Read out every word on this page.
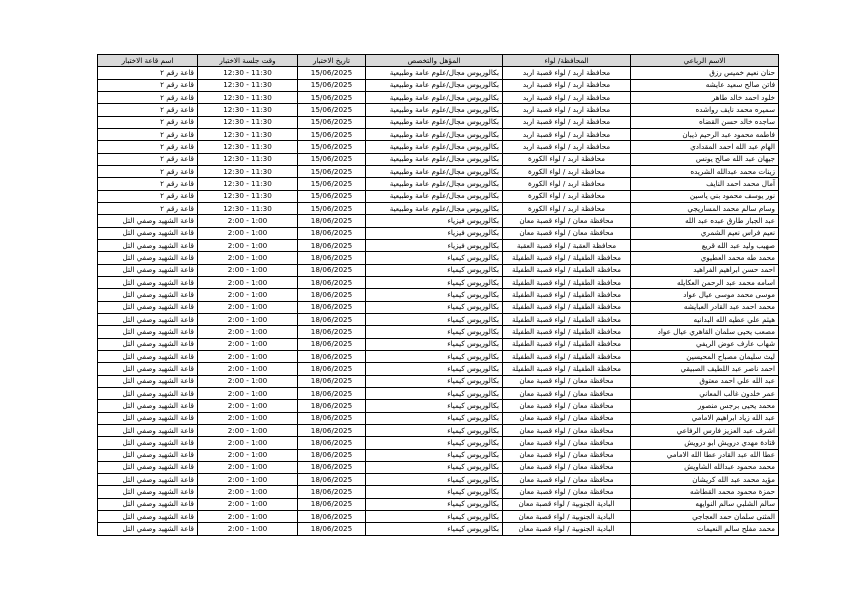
الاسم الرباعي	المحافظة/ لواء	المؤهل والتخصص	تاريخ الاختبار	وقت جلسة الاختبار	اسم قاعة الاختبار
حنان نعيم خميس رزق	محافظة اربد / لواء قصبة اربد	بكالوريوس مجال/علوم عامة وطبيعية	15/06/2025	11:30 - 12:30	قاعة رقم ٢
فاتن صالح سعيد عايشه	محافظة اربد / لواء قصبة اربد	بكالوريوس مجال/علوم عامة وطبيعية	15/06/2025	11:30 - 12:30	قاعة رقم ٢
خلود احمد خالد طاهر	محافظة اربد / لواء قصبة اربد	بكالوريوس مجال/علوم عامة وطبيعية	15/06/2025	11:30 - 12:30	قاعة رقم ٢
سميره محمد نايف رواشده	محافظة اربد / لواء قصبة اربد	بكالوريوس مجال/علوم عامة وطبيعية	15/06/2025	11:30 - 12:30	قاعة رقم ٢
ساجده خالد حسن القضاه	محافظة اربد / لواء قصبة اربد	بكالوريوس مجال/علوم عامة وطبيعية	15/06/2025	11:30 - 12:30	قاعة رقم ٢
فاطمه محمود عبد الرحيم ذيبان	محافظة اربد / لواء قصبة اربد	بكالوريوس مجال/علوم عامة وطبيعية	15/06/2025	11:30 - 12:30	قاعة رقم ٢
الهام عبد الله احمد المقدادي	محافظة اربد / لواء قصبة اربد	بكالوريوس مجال/علوم عامة وطبيعية	15/06/2025	11:30 - 12:30	قاعة رقم ٢
جيهان عبد الله صالح يونس	محافظة اربد / لواء الكورة	بكالوريوس مجال/علوم عامة وطبيعية	15/06/2025	11:30 - 12:30	قاعة رقم ٢
زينات محمد عبدالله الشريده	محافظة اربد / لواء الكورة	بكالوريوس مجال/علوم عامة وطبيعية	15/06/2025	11:30 - 12:30	قاعة رقم ٢
آمال محمد احمد النايف	محافظة اربد / لواء الكورة	بكالوريوس مجال/علوم عامة وطبيعية	15/06/2025	11:30 - 12:30	قاعة رقم ٢
نور يوسف محمود بني ياسين	محافظة اربد / لواء الكورة	بكالوريوس مجال/علوم عامة وطبيعية	15/06/2025	11:30 - 12:30	قاعة رقم ٢
وسام سالم محمد المساريجي	محافظة اربد / لواء الكورة	بكالوريوس مجال/علوم عامة وطبيعية	15/06/2025	11:30 - 12:30	قاعة رقم ٢
عبد الجبار طارق عبده عبد الله	محافظة معان / لواء قصبة معان	بكالوريوس فيزياء	18/06/2025	1:00 - 2:00	قاعة الشهيد وصفي التل
نعيم فراس نعيم الشمري	محافظة معان / لواء قصبة معان	بكالوريوس فيزياء	18/06/2025	1:00 - 2:00	قاعة الشهيد وصفي التل
صهيب وليد عبد الله قريع	محافظة العقبة / لواء قصبة العقبة	بكالوريوس فيزياء	18/06/2025	1:00 - 2:00	قاعة الشهيد وصفي التل
محمد طه محمد العطيوي	محافظة الطفيلة / لواء قصبة الطفيلة	بكالوريوس كيمياء	18/06/2025	1:00 - 2:00	قاعة الشهيد وصفي التل
احمد حسن ابراهيم الفراهيد	محافظة الطفيلة / لواء قصبة الطفيلة	بكالوريوس كيمياء	18/06/2025	1:00 - 2:00	قاعة الشهيد وصفي التل
اسامه محمد عبد الرحمن العكايله	محافظة الطفيلة / لواء قصبة الطفيلة	بكالوريوس كيمياء	18/06/2025	1:00 - 2:00	قاعة الشهيد وصفي التل
موسى محمد موسى عيال عواد	محافظة الطفيلة / لواء قصبة الطفيلة	بكالوريوس كيمياء	18/06/2025	1:00 - 2:00	قاعة الشهيد وصفي التل
محمد احمد عبد القادر العبايشه	محافظة الطفيلة / لواء قصبة الطفيلة	بكالوريوس كيمياء	18/06/2025	1:00 - 2:00	قاعة الشهيد وصفي التل
هيثم علي عطيه الله البدانيه	محافظة الطفيلة / لواء قصبة الطفيلة	بكالوريوس كيمياء	18/06/2025	1:00 - 2:00	قاعة الشهيد وصفي التل
مصعب يحيى سلمان القاهري عيال عواد	محافظة الطفيلة / لواء قصبة الطفيلة	بكالوريوس كيمياء	18/06/2025	1:00 - 2:00	قاعة الشهيد وصفي التل
شهاب عارف عوض الريفي	محافظة الطفيلة / لواء قصبة الطفيلة	بكالوريوس كيمياء	18/06/2025	1:00 - 2:00	قاعة الشهيد وصفي التل
ليث سليمان مصباح المحيسين	محافظة الطفيلة / لواء قصبة الطفيلة	بكالوريوس كيمياء	18/06/2025	1:00 - 2:00	قاعة الشهيد وصفي التل
احمد ناصر عبد اللطيف الصبيقي	محافظة الطفيلة / لواء قصبة الطفيلة	بكالوريوس كيمياء	18/06/2025	1:00 - 2:00	قاعة الشهيد وصفي التل
عبد الله علي احمد معتوق	محافظة معان / لواء قصبة معان	بكالوريوس كيمياء	18/06/2025	1:00 - 2:00	قاعة الشهيد وصفي التل
عمر خلدون غالب المعاني	محافظة معان / لواء قصبة معان	بكالوريوس كيمياء	18/06/2025	1:00 - 2:00	قاعة الشهيد وصفي التل
محمد يحيى برجس منصور	محافظة معان / لواء قصبة معان	بكالوريوس كيمياء	18/06/2025	1:00 - 2:00	قاعة الشهيد وصفي التل
عبد الله زياد ابراهيم الامامي	محافظة معان / لواء قصبة معان	بكالوريوس كيمياء	18/06/2025	1:00 - 2:00	قاعة الشهيد وصفي التل
اشرف عبد العزيز فارس الرفاعي	محافظة معان / لواء قصبة معان	بكالوريوس كيمياء	18/06/2025	1:00 - 2:00	قاعة الشهيد وصفي التل
قتادة مهدي درويش ابو درويش	محافظة معان / لواء قصبة معان	بكالوريوس كيمياء	18/06/2025	1:00 - 2:00	قاعة الشهيد وصفي التل
عطا الله عبد القادر عطا الله الامامي	محافظة معان / لواء قصبة معان	بكالوريوس كيمياء	18/06/2025	1:00 - 2:00	قاعة الشهيد وصفي التل
محمد محمود عبدالله الشاويش	محافظة معان / لواء قصبة معان	بكالوريوس كيمياء	18/06/2025	1:00 - 2:00	قاعة الشهيد وصفي التل
مؤيد محمد عبد الله كريشان	محافظة معان / لواء قصبة معان	بكالوريوس كيمياء	18/06/2025	1:00 - 2:00	قاعة الشهيد وصفي التل
حمزة محمود محمد القطاشه	محافظة معان / لواء قصبة معان	بكالوريوس كيمياء	18/06/2025	1:00 - 2:00	قاعة الشهيد وصفي التل
سالم الشلبي سالم النوايهه	البادية الجنوبية / لواء قصبة معان	بكالوريوس كيمياء	18/06/2025	1:00 - 2:00	قاعة الشهيد وصفي التل
المثنى سلمان حمد العجاجي	البادية الجنوبية / لواء قصبة معان	بكالوريوس كيمياء	18/06/2025	1:00 - 2:00	قاعة الشهيد وصفي التل
محمد مفلح سالم النعيمات	البادية الجنوبية / لواء قصبة معان	بكالوريوس كيمياء	18/06/2025	1:00 - 2:00	قاعة الشهيد وصفي التل
